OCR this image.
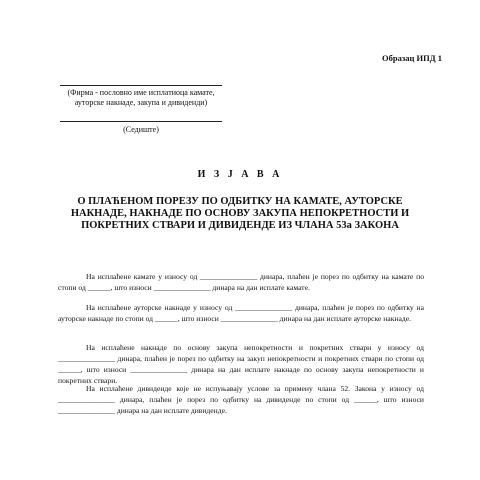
Образац ИПД 1
(Фирма - пословно име исплатиоца камате,
ауторске накнаде, закупа и дивиденди)
(Седиште)
И З Ј А В А
О ПЛАЋЕНОМ ПОРЕЗУ ПО ОДБИТКУ НА КАМАТЕ, АУТОРСКЕ НАКНАДЕ, НАКНАДЕ ПО ОСНОВУ ЗАКУПА НЕПОКРЕТНОСТИ И ПОКРЕТНИХ СТВАРИ И ДИВИДЕНДЕ ИЗ ЧЛАНА 53а ЗАКОНА
На исплаћене камате у износу од _______________ динара, плаћен је порез по одбитку на камате по стопи од ______, што износи _______________ динара на дан исплате камате.
На исплаћене ауторске накнаде у износу од _______________ динара, плаћен је порез по одбитку на ауторске накнаде по стопи од ______, што износи _______________ динара на дан исплате ауторске накнаде.
На исплаћене накнаде по основу закупа непокретности и покретних ствари у износу од _______________ динара, плаћен је порез по одбитку на закуп непокретности и покретних ствари по стопи од ______, што износи _______________ динара на дан исплате накнаде по основу закупа непокретности и покретних ствари.
На исплаћене дивиденде које не испуњавају услове за примену члана 52. Закона у износу од _______________ динара, плаћен је порез по одбитку на дивиденде по стопи од ______, што износи _______________ динара на дан исплате дивиденде.
